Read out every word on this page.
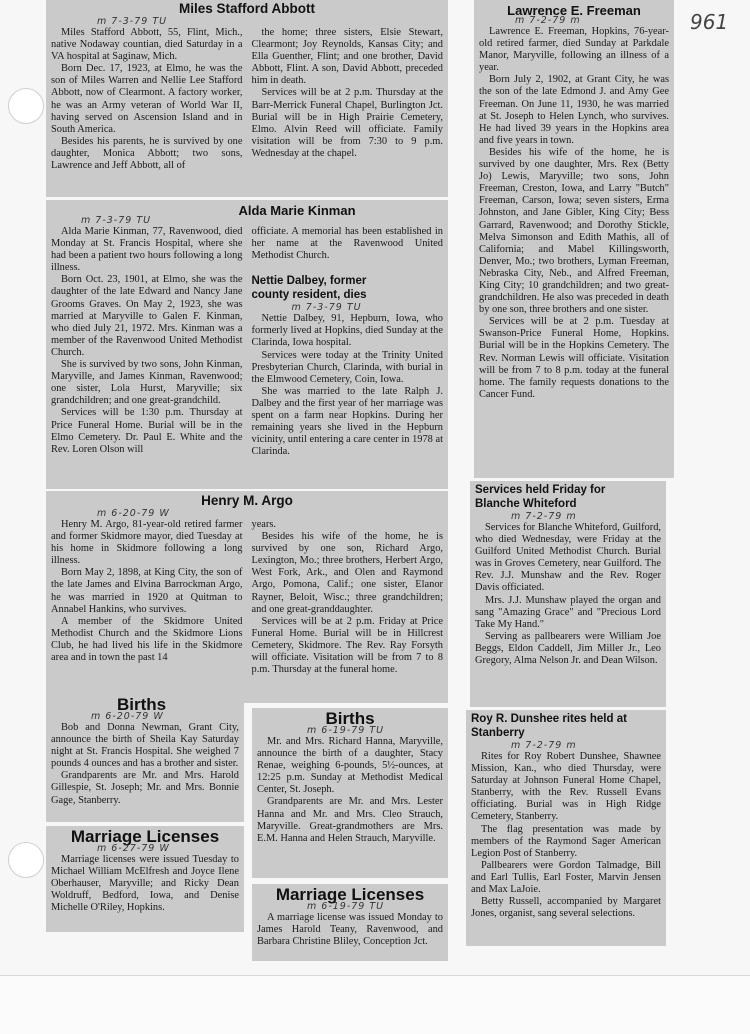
961
Miles Stafford Abbott
m 7-3-79 TU

Miles Stafford Abbott, 55, Flint, Mich., native Nodaway countian, died Saturday in a VA hospital at Saginaw, Mich.

Born Dec. 17, 1923, at Elmo, he was the son of Miles Warren and Nellie Lee Stafford Abbott, now of Clearmont. A factory worker, he was an Army veteran of World War II, having served on Ascension Island and in South America.

Besides his parents, he is survived by one daughter, Monica Abbott; two sons, Lawrence and Jeff Abbott, all of

the home; three sisters, Elsie Stewart, Clearmont; Joy Reynolds, Kansas City; and Ella Guenther, Flint; and one brother, David Abbott, Flint. A son, David Abbott, preceded him in death.

Services will be at 2 p.m. Thursday at the Barr-Merrick Funeral Chapel, Burlington Jct. Burial will be in High Prairie Cemetery, Elmo. Alvin Reed will officiate. Family visitation will be from 7:30 to 9 p.m. Wednesday at the chapel.

Alda Marie Kinman
m 7-3-79 TU

Alda Marie Kinman, 77, Ravenwood, died Monday at St. Francis Hospital, where she had been a patient two hours following a long illness.

Born Oct. 23, 1901, at Elmo, she was the daughter of the late Edward and Nancy Jane Grooms Graves. On May 2, 1923, she was married at Maryville to Galen F. Kinman, who died July 21, 1972. Mrs. Kinman was a member of the Ravenwood United Methodist Church.

She is survived by two sons, John Kinman, Maryville, and James Kinman, Ravenwood; one sister, Lola Hurst, Maryville; six grandchildren; and one great-grandchild.

Services will be 1:30 p.m. Thursday at Price Funeral Home. Burial will be in the Elmo Cemetery. Dr. Paul E. White and the Rev. Loren Olson will

officiate. A memorial has been established in her name at the Ravenwood United Methodist Church.

Nettie Dalbey, former county resident, dies
m 7-3-79 TU

Nettie Dalbey, 91, Hepburn, Iowa, who formerly lived at Hopkins, died Sunday at the Clarinda, Iowa hospital.

Services were today at the Trinity United Presbyterian Church, Clarinda, with burial in the Elmwood Cemetery, Coin, Iowa.

She was married to the late Ralph J. Dalbey and the first year of her marriage was spent on a farm near Hopkins. During her remaining years she lived in the Hepburn vicinity, until entering a care center in 1978 at Clarinda.

Henry M. Argo
m 6-20-79 W

Henry M. Argo, 81-year-old retired farmer and former Skidmore mayor, died Tuesday at his home in Skidmore following a long illness.

Born May 2, 1898, at King City, the son of the late James and Elvina Barrockman Argo, he was married in 1920 at Quitman to Annabel Hankins, who survives.

A member of the Skidmore United Methodist Church and the Skidmore Lions Club, he had lived his life in the Skidmore area and in town the past 14

years.

Besides his wife of the home, he is survived by one son, Richard Argo, Lexington, Mo.; three brothers, Herbert Argo, West Fork, Ark., and Olen and Raymond Argo, Pomona, Calif.; one sister, Elanor Rayner, Beloit, Wisc.; three grandchildren; and one great-granddaughter.

Services will be at 2 p.m. Friday at Price Funeral Home. Burial will be in Hillcrest Cemetery, Skidmore. The Rev. Ray Forsyth will officiate. Visitation will be from 7 to 8 p.m. Thursday at the funeral home.

Births
m 6-20-79 W

Bob and Donna Newman, Grant City, announce the birth of Sheila Kay Saturday night at St. Francis Hospital. She weighed 7 pounds 4 ounces and has a brother and sister.

Grandparents are Mr. and Mrs. Harold Gillespie, St. Joseph; Mr. and Mrs. Bonnie Gage, Stanberry.

Marriage Licenses
m 6-27-79 W

Marriage licenses were issued Tuesday to Michael William McElfresh and Joyce Ilene Oberhauser, Maryville; and Ricky Dean Woldruff, Bedford, Iowa, and Denise Michelle O'Riley, Hopkins.

Births
m 6-19-79 TU

Mr. and Mrs. Richard Hanna, Maryville, announce the birth of a daughter, Stacy Renae, weighing 6-pounds, 5½-ounces, at 12:25 p.m. Sunday at Methodist Medical Center, St. Joseph.

Grandparents are Mr. and Mrs. Lester Hanna and Mr. and Mrs. Cleo Strauch, Maryville. Great-grandmothers are Mrs. E.M. Hanna and Helen Strauch, Maryville.

Marriage Licenses
m 6-19-79 TU

A marriage license was issued Monday to James Harold Teany, Ravenwood, and Barbara Christine Bliley, Conception Jct.

Lawrence E. Freeman
m 7-2-79 m

Lawrence E. Freeman, Hopkins, 76-year-old retired farmer, died Sunday at Parkdale Manor, Maryville, following an illness of a year.

Born July 2, 1902, at Grant City, he was the son of the late Edmond J. and Amy Gee Freeman. On June 11, 1930, he was married at St. Joseph to Helen Lynch, who survives. He had lived 39 years in the Hopkins area and five years in town.

Besides his wife of the home, he is survived by one daughter, Mrs. Rex (Betty Jo) Lewis, Maryville; two sons, John Freeman, Creston, Iowa, and Larry "Butch" Freeman, Carson, Iowa; seven sisters, Erma Johnston, and Jane Gibler, King City; Bess Garrard, Ravenwood; and Dorothy Stickle, Melva Simonson and Edith Mathis, all of California; and Mabel Killingsworth, Denver, Mo.; two brothers, Lyman Freeman, Nebraska City, Neb., and Alfred Freeman, King City; 10 grandchildren; and two great-grandchildren. He also was preceded in death by one son, three brothers and one sister.

Services will be at 2 p.m. Tuesday at Swanson-Price Funeral Home, Hopkins. Burial will be in the Hopkins Cemetery. The Rev. Norman Lewis will officiate. Visitation will be from 7 to 8 p.m. today at the funeral home. The family requests donations to the Cancer Fund.

Services held Friday for Blanche Whiteford
m 7-2-79 m

Services for Blanche Whiteford, Guilford, who died Wednesday, were Friday at the Guilford United Methodist Church. Burial was in Groves Cemetery, near Guilford. The Rev. J.J. Munshaw and the Rev. Roger Davis officiated.

Mrs. J.J. Munshaw played the organ and sang "Amazing Grace" and "Precious Lord Take My Hand."

Serving as pallbearers were William Joe Beggs, Eldon Caddell, Jim Miller Jr., Leo Gregory, Alma Nelson Jr. and Dean Wilson.

Roy R. Dunshee rites held at Stanberry
m 7-2-79 m

Rites for Roy Robert Dunshee, Shawnee Mission, Kan., who died Thursday, were Saturday at Johnson Funeral Home Chapel, Stanberry, with the Rev. Russell Evans officiating. Burial was in High Ridge Cemetery, Stanberry.

The flag presentation was made by members of the Raymond Sager American Legion Post of Stanberry.

Pallbearers were Gordon Talmadge, Bill and Earl Tullis, Earl Foster, Marvin Jensen and Max LaJoie.

Betty Russell, accompanied by Margaret Jones, organist, sang several selections.
